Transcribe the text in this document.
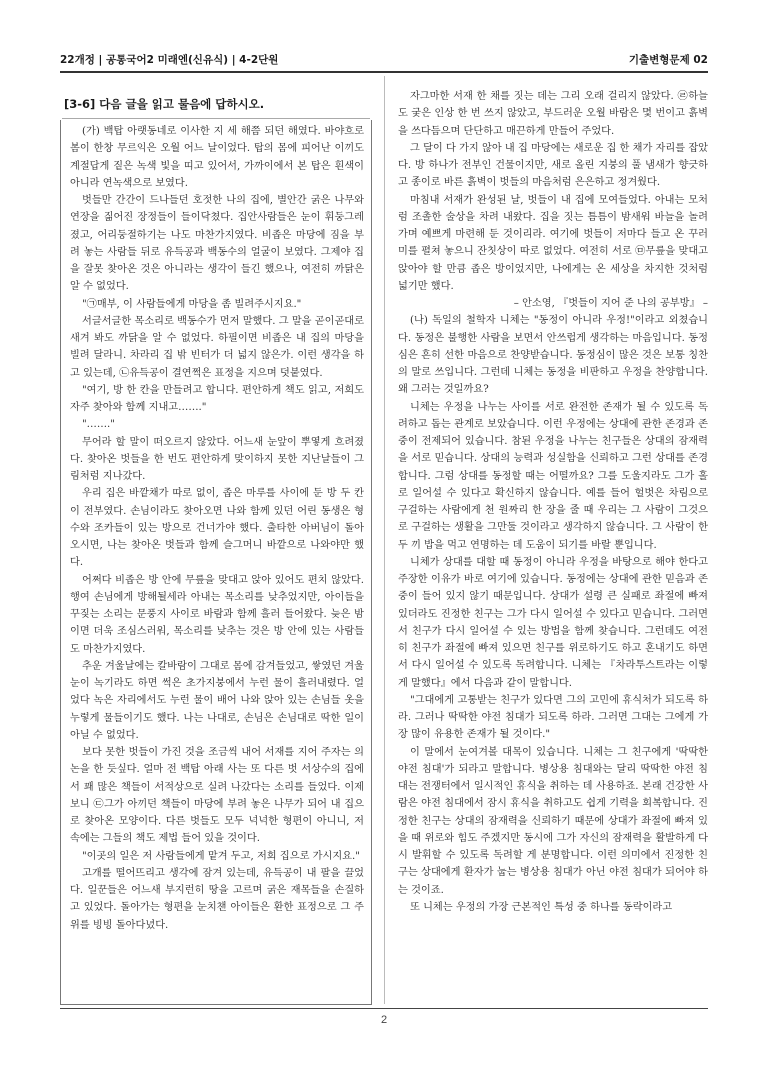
22개정 | 공통국어2 미래엔(신유식) | 4-2단원	기출변형문제 02
[3-6] 다음 글을 읽고 물음에 답하시오.

(가) 백탑 아랫동네로 이사한 지 세 해쯤 되던 해였다. 바야흐로 봄이 한창 무르익은 오월 어느 날이었다. 탑의 몸에 피어난 이끼도 계절답게 짙은 녹색 빛을 띠고 있어서, 가까이에서 본 탑은 흰색이 아니라 연녹색으로 보였다.

벗들만 간간이 드나들던 호젓한 나의 집에, 별안간 굵은 나무와 연장을 짊어진 장정들이 들이닥쳤다. 집안사람들은 눈이 휘둥그레졌고, 어리둥절하기는 나도 마찬가지였다. 비좁은 마당에 짐을 부려 놓는 사람들 뒤로 유득공과 백동수의 얼굴이 보였다. 그제야 집을 잘못 찾아온 것은 아니라는 생각이 들긴 했으나, 여전히 까닭은 알 수 없었다.

"㉠매부, 이 사람들에게 마당을 좀 빌려주시지요."

서글서글한 목소리로 백동수가 먼저 말했다. 그 말을 곧이곧대로 새겨 봐도 까닭을 알 수 없었다. 하필이면 비좁은 내 집의 마당을 빌려 달라니. 차라리 집 밖 빈터가 더 넓지 않은가. 이런 생각을 하고 있는데, ㉡유득공이 결연쩍은 표정을 지으며 덧붙였다.

"여기, 방 한 칸을 만들려고 합니다. 편안하게 책도 읽고, 저희도 자주 찾아와 함께 지내고……."

"……."

무어라 할 말이 떠오르지 않았다. 어느새 눈앞이 뿌옇게 흐려졌다. 찾아온 벗들을 한 번도 편안하게 맞이하지 못한 지난날들이 그림처럼 지나갔다.

우리 집은 바깥채가 따로 없이, 좁은 마루를 사이에 둔 방 두 칸이 전부였다. 손님이라도 찾아오면 나와 함께 있던 어린 동생은 형수와 조카들이 있는 방으로 건너가야 했다. 출타한 아버님이 돌아오시면, 나는 찾아온 벗들과 함께 슬그머니 바깥으로 나와야만 했다.

어쩌다 비좁은 방 안에 무릎을 맞대고 앉아 있어도 편치 않았다. 행여 손님에게 방해될세라 아내는 목소리를 낮추었지만, 아이들을 꾸짖는 소리는 문풍지 사이로 바람과 함께 흘러 들어왔다. 늦은 밤이면 더욱 조심스러워, 목소리를 낮추는 것은 방 안에 있는 사람들도 마찬가지였다.

추운 겨울날에는 칼바람이 그대로 몸에 감겨들었고, 쌓였던 겨울 눈이 녹기라도 하면 썩은 초가지붕에서 누런 물이 흘러내렸다. 얼었다 녹은 자리에서도 누런 물이 배어 나와 앉아 있는 손님들 옷을 누렇게 물들이기도 했다. 나는 나대로, 손님은 손님대로 딱한 일이 아닐 수 없었다.

보다 못한 벗들이 가진 것을 조금씩 내어 서재를 지어 주자는 의논을 한 듯싶다. 얼마 전 백탑 아래 사는 또 다른 벗 서상수의 집에서 꽤 많은 책들이 서적상으로 실려 나갔다는 소리를 들었다. 이제 보니 ㉢그가 아끼던 책들이 마당에 부려 놓은 나무가 되어 내 집으로 찾아온 모양이다. 다른 벗들도 모두 넉넉한 형편이 아니니, 저 속에는 그들의 책도 제법 들어 있을 것이다.

"이곳의 일은 저 사람들에게 맡겨 두고, 저희 집으로 가시지요."

고개를 떨어뜨리고 생각에 잠겨 있는데, 유득공이 내 팔을 끌었다. 일꾼들은 어느새 부지런히 땅을 고르며 굵은 재목들을 손질하고 있었다. 돌아가는 형편을 눈치챈 아이들은 환한 표정으로 그 주위를 빙빙 돌아다녔다.

자그마한 서재 한 채를 짓는 데는 그리 오래 걸리지 않았다. ㉣하늘도 궂은 인상 한 번 쓰지 않았고, 부드러운 오월 바람은 몇 번이고 흙벽을 쓰다듬으며 단단하고 매끈하게 만들어 주었다.

그 달이 다 가지 않아 내 집 마당에는 새로운 집 한 채가 자리를 잡았다. 방 하나가 전부인 건물이지만, 새로 올린 지붕의 풀 냄새가 향긋하고 종이로 바른 흙벽이 벗들의 마음처럼 은은하고 정겨웠다.

마침내 서재가 완성된 날, 벗들이 내 집에 모여들었다. 아내는 모처럼 조촐한 술상을 차려 내왔다. 집을 짓는 틈틈이 밤새워 바늘을 놀려 가며 예쁘게 마련해 둔 것이리라. 여기에 벗들이 저마다 들고 온 꾸러미를 펼쳐 놓으니 잔칫상이 따로 없었다. 여전히 서로 ㉤무릎을 맞대고 앉아야 할 만큼 좁은 방이었지만, 나에게는 온 세상을 차지한 것처럼 넓기만 했다.

– 안소영, 『벗들이 지어 준 나의 공부방』 –

(나) 독일의 철학자 니체는 "동정이 아니라 우정!"이라고 외쳤습니다. 동정은 불행한 사람을 보면서 안쓰럽게 생각하는 마음입니다. 동정심은 흔히 선한 마음으로 찬양받습니다. 동정심이 많은 것은 보통 칭찬의 말로 쓰입니다. 그런데 니체는 동정을 비판하고 우정을 찬양합니다. 왜 그러는 것일까요?

니체는 우정을 나누는 사이를 서로 완전한 존재가 될 수 있도록 독려하고 돕는 관계로 보았습니다. 이런 우정에는 상대에 관한 존경과 존중이 전제되어 있습니다. 참된 우정을 나누는 친구들은 상대의 잠재력을 서로 믿습니다. 상대의 능력과 성실함을 신뢰하고 그런 상대를 존경합니다. 그럼 상대를 동정할 때는 어떨까요? 그를 도울지라도 그가 홀로 일어설 수 있다고 확신하지 않습니다. 예를 들어 헐벗은 차림으로 구걸하는 사람에게 천 원짜리 한 장을 줄 때 우리는 그 사람이 그것으로 구걸하는 생활을 그만둘 것이라고 생각하지 않습니다. 그 사람이 한두 끼 밥을 먹고 연명하는 데 도움이 되기를 바랄 뿐입니다.

니체가 상대를 대할 때 동정이 아니라 우정을 바탕으로 해야 한다고 주장한 이유가 바로 여기에 있습니다. 동정에는 상대에 관한 믿음과 존중이 들어 있지 않기 때문입니다. 상대가 설령 큰 실패로 좌절에 빠져 있더라도 진정한 친구는 그가 다시 일어설 수 있다고 믿습니다. 그러면서 친구가 다시 일어설 수 있는 방법을 함께 찾습니다. 그런데도 여전히 친구가 좌절에 빠져 있으면 친구를 위로하기도 하고 혼내기도 하면서 다시 일어설 수 있도록 독려합니다. 니체는 『차라투스트라는 이렇게 말했다』에서 다음과 같이 말합니다.

"그대에게 고통받는 친구가 있다면 그의 고민에 휴식처가 되도록 하라. 그러나 딱딱한 야전 침대가 되도록 하라. 그러면 그대는 그에게 가장 많이 유용한 존재가 될 것이다."

이 말에서 눈여겨볼 대목이 있습니다. 니체는 그 친구에게 '딱딱한 야전 침대'가 되라고 말합니다. 병상용 침대와는 달리 딱딱한 야전 침대는 전쟁터에서 일시적인 휴식을 취하는 데 사용하죠. 본래 건강한 사람은 야전 침대에서 잠시 휴식을 취하고도 쉽게 기력을 회복합니다. 진정한 친구는 상대의 잠재력을 신뢰하기 때문에 상대가 좌절에 빠져 있을 때 위로와 힘도 주겠지만 동시에 그가 자신의 잠재력을 활발하게 다시 발휘할 수 있도록 독려할 게 분명합니다. 이런 의미에서 진정한 친구는 상대에게 환자가 눕는 병상용 침대가 아닌 야전 침대가 되어야 하는 것이죠.

또 니체는 우정의 가장 근본적인 특성 중 하나를 동락이라고

2
